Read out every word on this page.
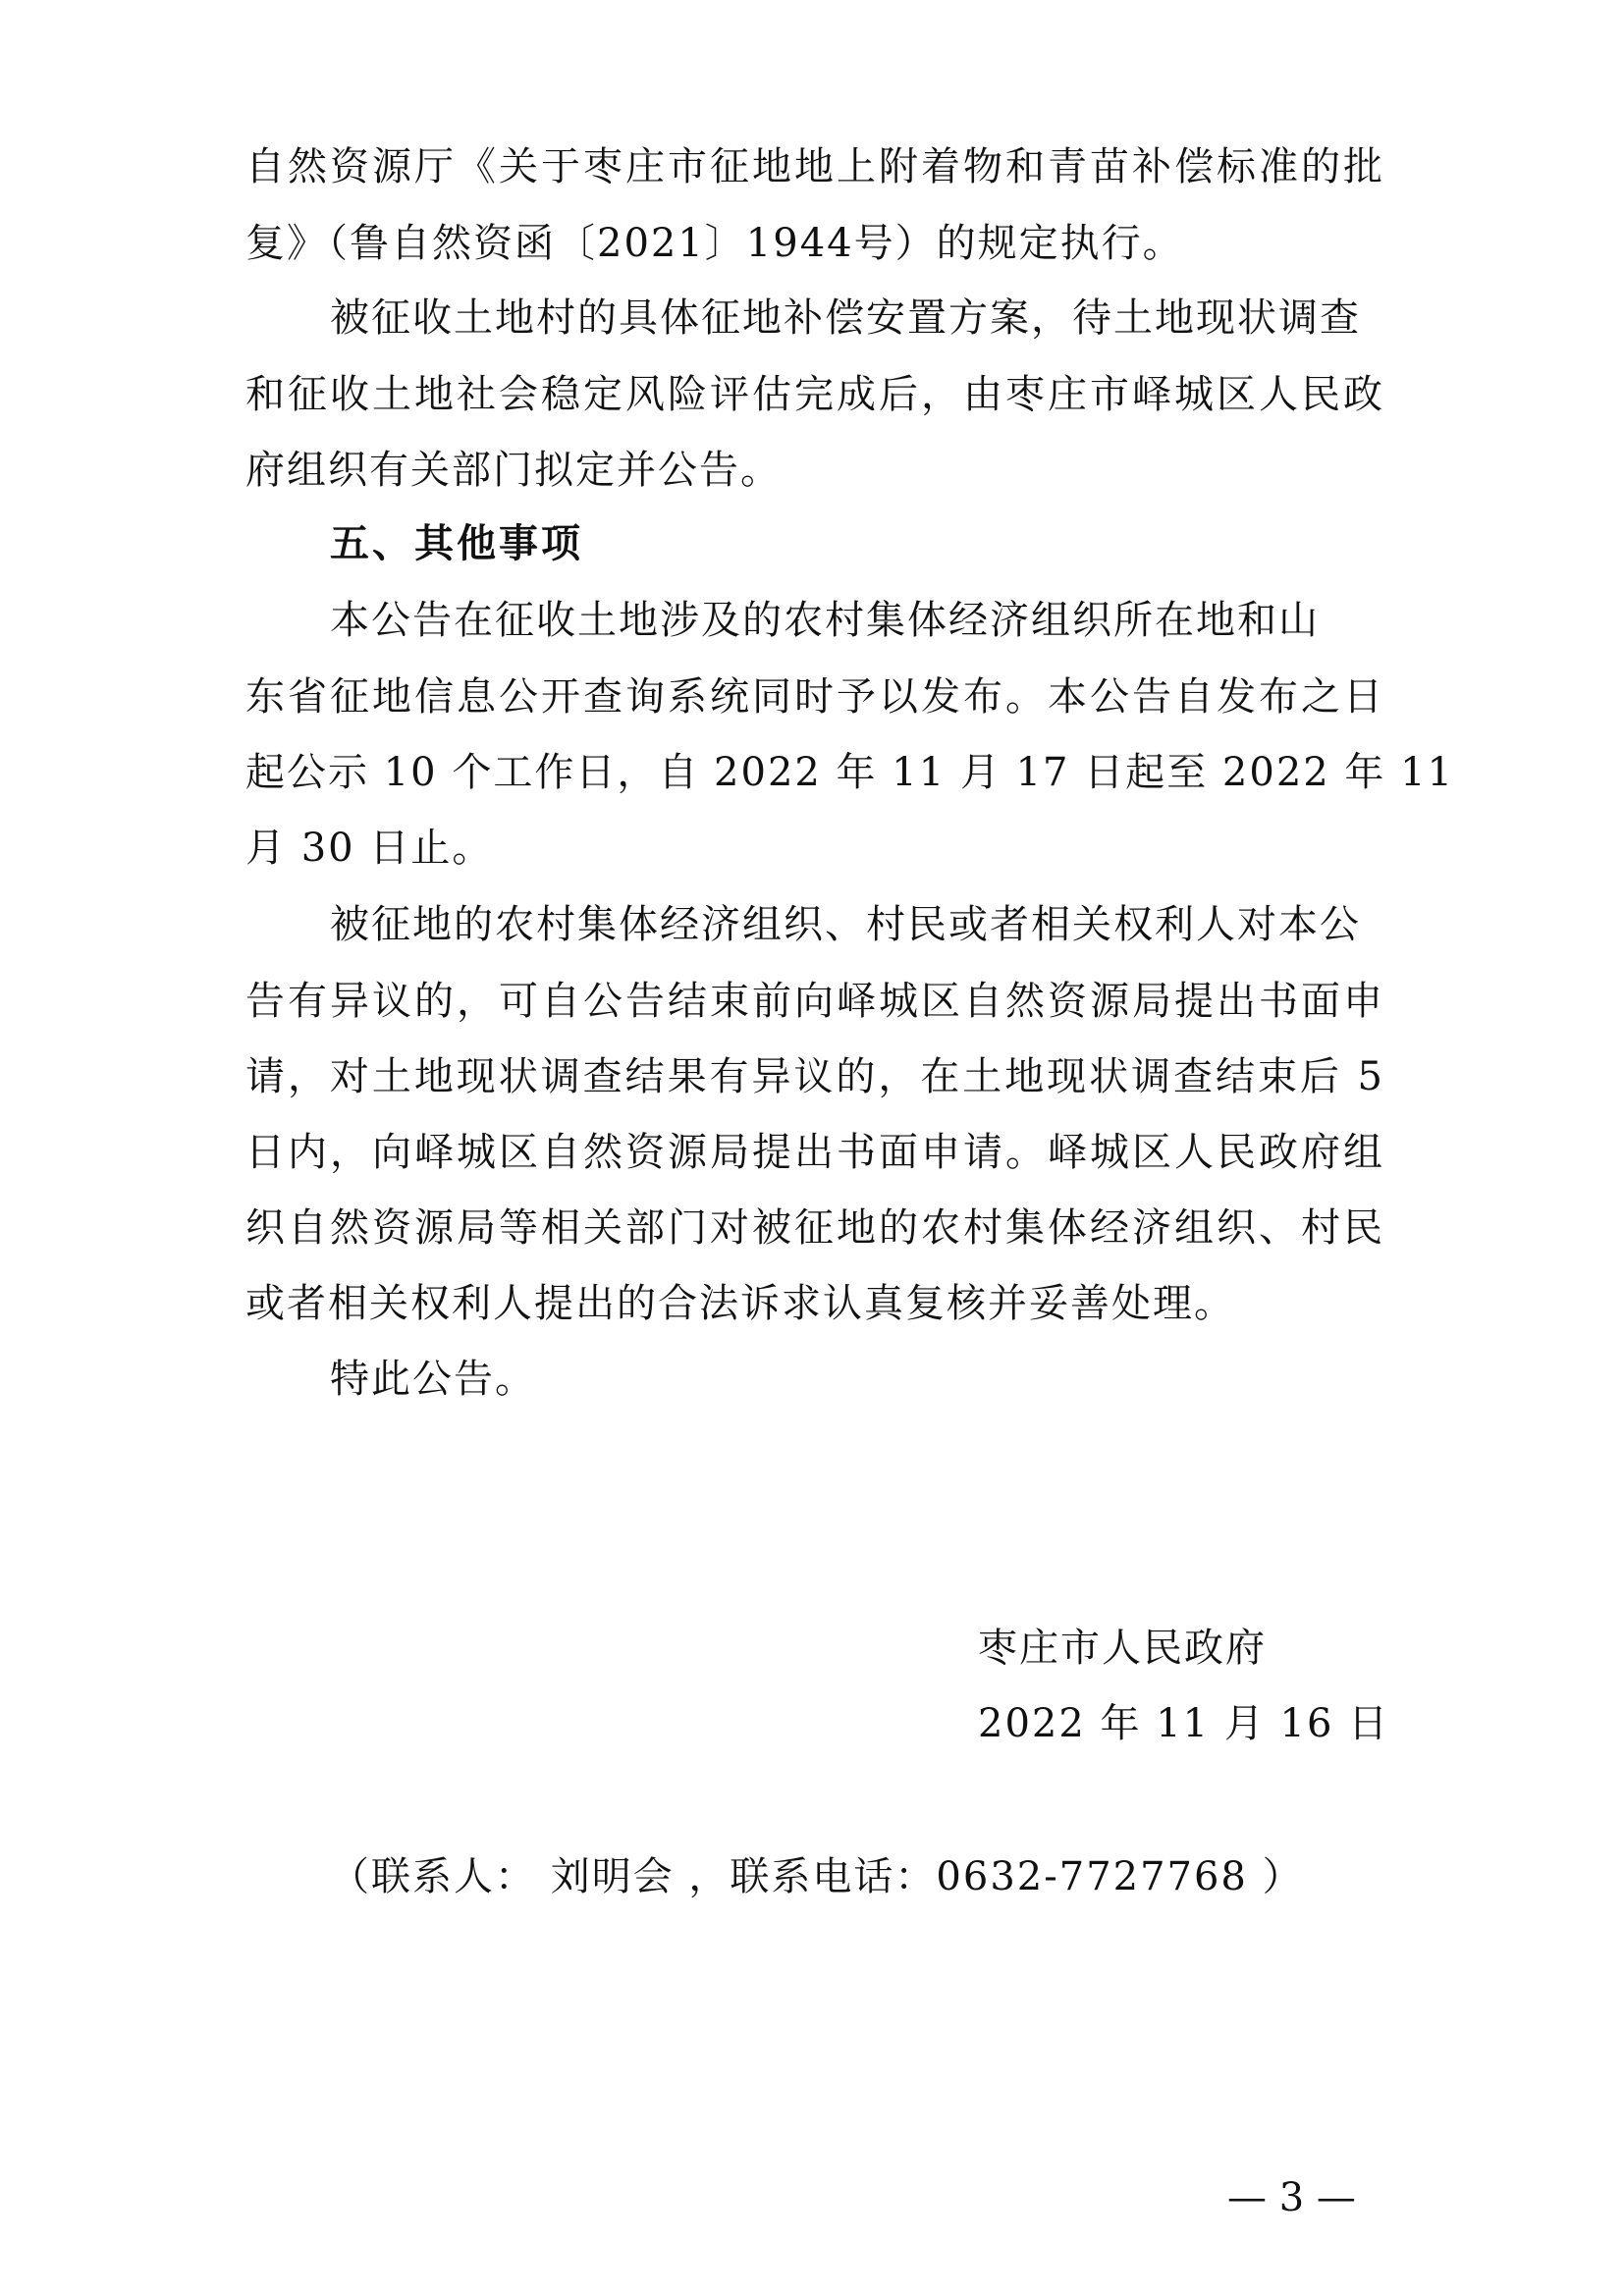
自然资源厅《关于枣庄市征地地上附着物和青苗补偿标准的批
复》（鲁自然资函〔2021〕1944号）的规定执行。
被征收土地村的具体征地补偿安置方案，待土地现状调查
和征收土地社会稳定风险评估完成后，由枣庄市峄城区人民政
府组织有关部门拟定并公告。
五、其他事项
本公告在征收土地涉及的农村集体经济组织所在地和山
东省征地信息公开查询系统同时予以发布。本公告自发布之日
起公示 10 个工作日，自 2022 年 11 月 17 日起至 2022 年 11
月 30 日止。
被征地的农村集体经济组织、村民或者相关权利人对本公
告有异议的，可自公告结束前向峄城区自然资源局提出书面申
请，对土地现状调查结果有异议的，在土地现状调查结束后 5
日内，向峄城区自然资源局提出书面申请。峄城区人民政府组
织自然资源局等相关部门对被征地的农村集体经济组织、村民
或者相关权利人提出的合法诉求认真复核并妥善处理。
特此公告。
枣庄市人民政府
2022 年 11 月 16 日
（联系人： 刘明会 ，联系电话：0632-7727768 ）
— 3 —
